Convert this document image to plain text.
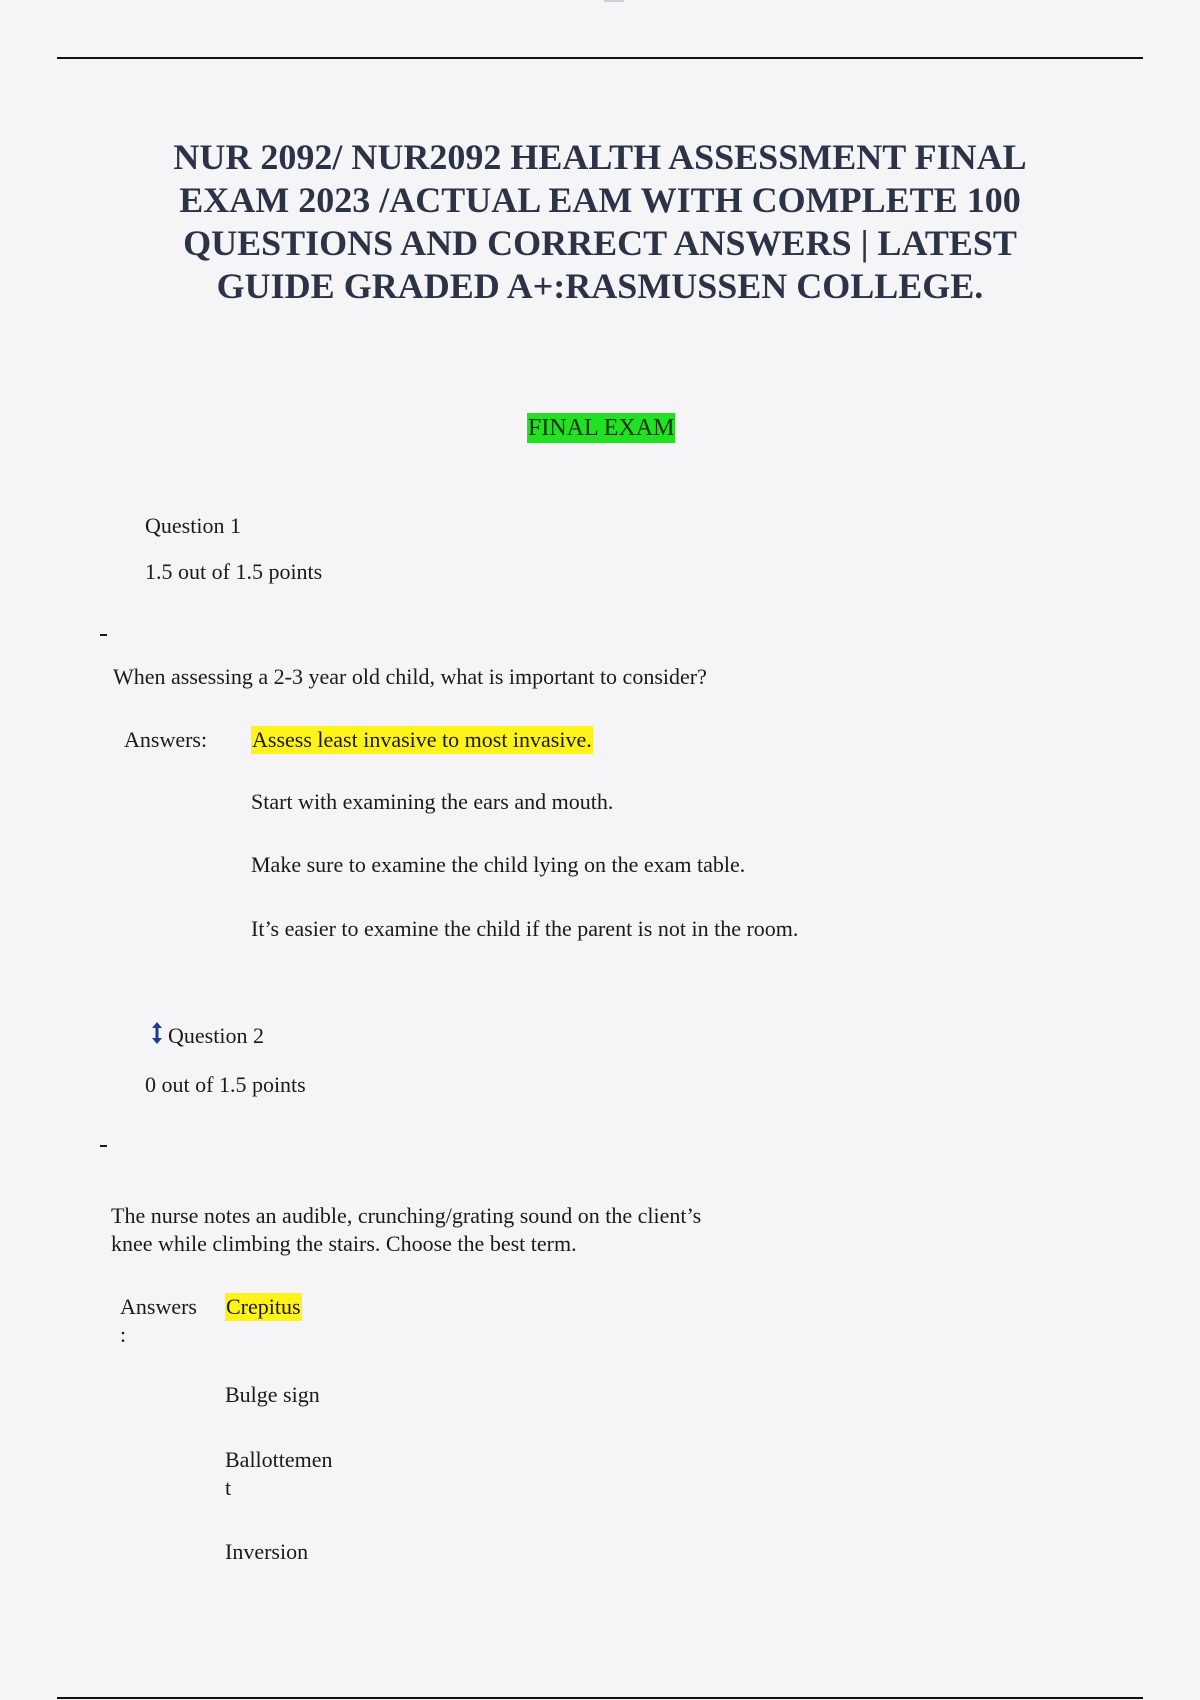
NUR 2092/ NUR2092 HEALTH ASSESSMENT FINAL
EXAM 2023 /ACTUAL EAM WITH COMPLETE 100
QUESTIONS AND CORRECT ANSWERS | LATEST
GUIDE GRADED A+:RASMUSSEN COLLEGE.
FINAL EXAM
Question 1
1.5 out of 1.5 points
When assessing a 2-3 year old child, what is important to consider?
Answers: Assess least invasive to most invasive.
Start with examining the ears and mouth.
Make sure to examine the child lying on the exam table.
It’s easier to examine the child if the parent is not in the room.
Question 2
0 out of 1.5 points
The nurse notes an audible, crunching/grating sound on the client’s
knee while climbing the stairs. Choose the best term.
Answers
:
Crepitus
Bulge sign
Ballottemen
t
Inversion
